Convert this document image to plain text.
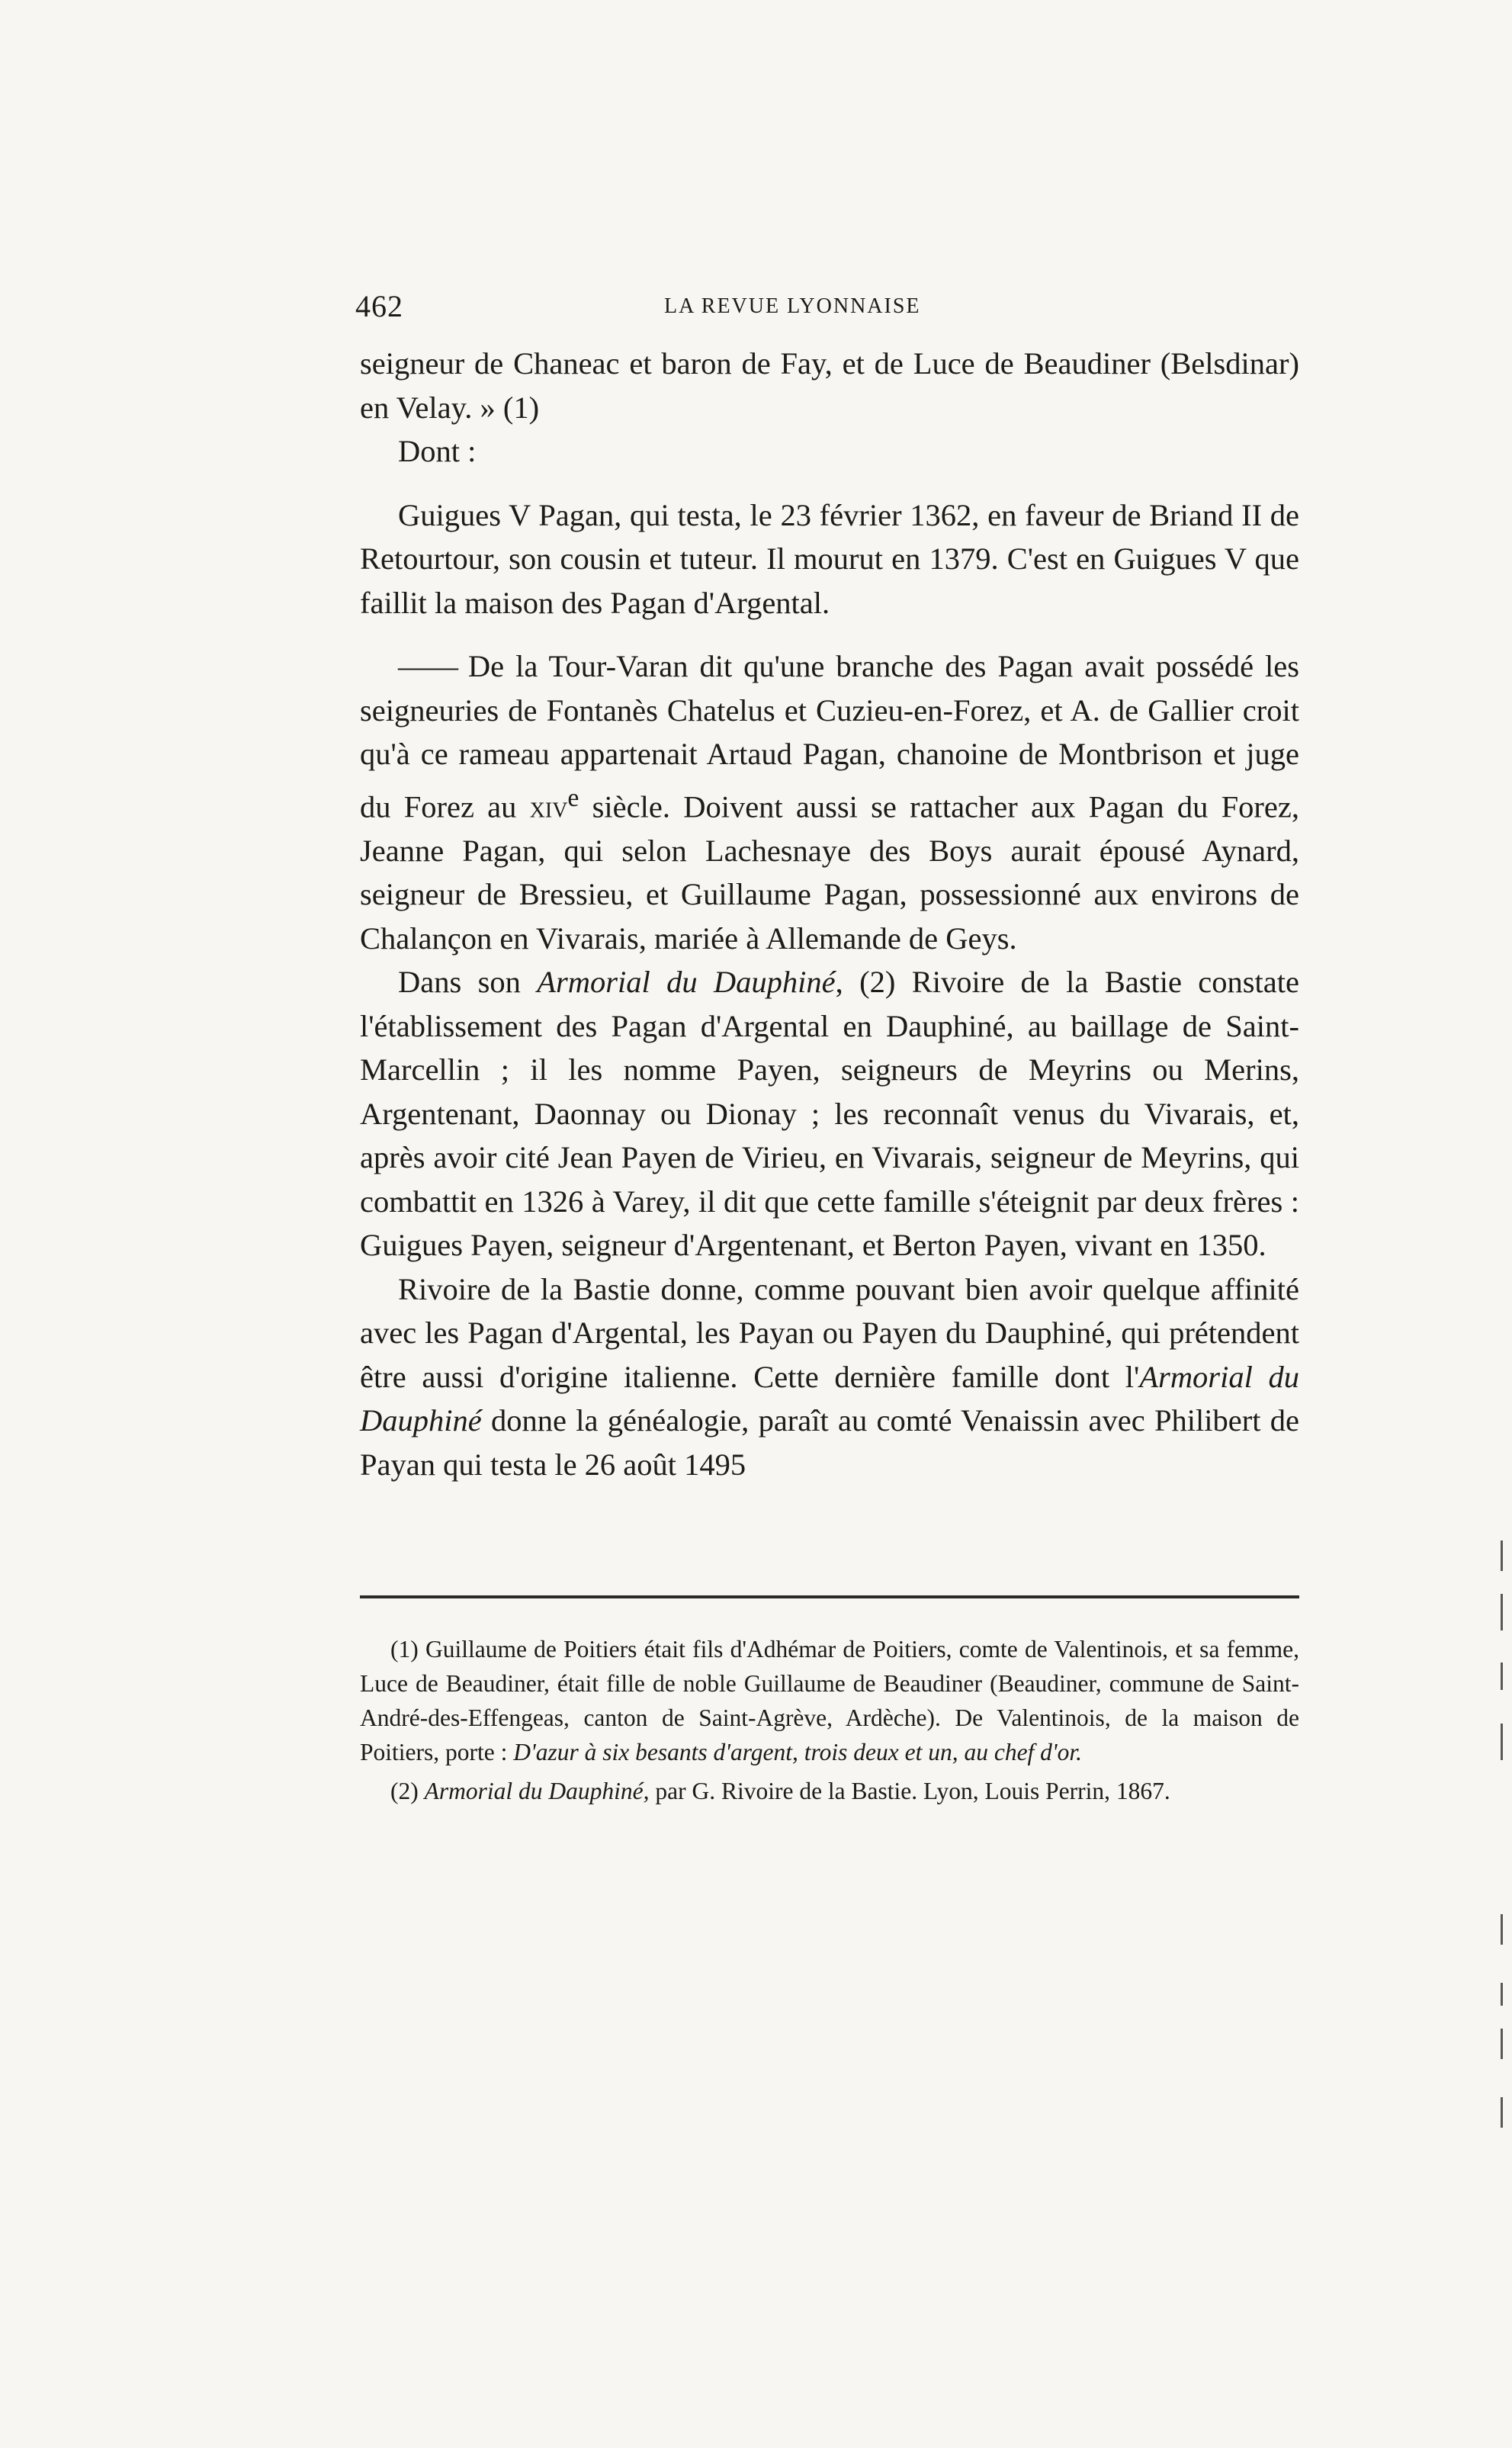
462	LA REVUE LYONNAISE

seigneur de Chaneac et baron de Fay, et de Luce de Beaudiner (Belsdinar) en Velay. » (1)

Dont :

Guigues V Pagan, qui testa, le 23 février 1362, en faveur de Briand II de Retourtour, son cousin et tuteur. Il mourut en 1379. C'est en Guigues V que faillit la maison des Pagan d'Argental.

—— De la Tour-Varan dit qu'une branche des Pagan avait possédé les seigneuries de Fontanès Chatelus et Cuzieu-en-Forez, et A. de Gallier croit qu'à ce rameau appartenait Artaud Pagan, chanoine de Montbrison et juge du Forez au xiv$^e$ siècle. Doivent aussi se rattacher aux Pagan du Forez, Jeanne Pagan, qui selon Lachesnaye des Boys aurait épousé Aynard, seigneur de Bressieu, et Guillaume Pagan, possessionné aux environs de Chalançon en Vivarais, mariée à Allemande de Geys.

Dans son Armorial du Dauphiné, (2) Rivoire de la Bastie constate l'établissement des Pagan d'Argental en Dauphiné, au baillage de Saint-Marcellin ; il les nomme Payen, seigneurs de Meyrins ou Merins, Argentenant, Daonnay ou Dionay ; les reconnaît venus du Vivarais, et, après avoir cité Jean Payen de Virieu, en Vivarais, seigneur de Meyrins, qui combattit en 1326 à Varey, il dit que cette famille s'éteignit par deux frères : Guigues Payen, seigneur d'Argentenant, et Berton Payen, vivant en 1350.

Rivoire de la Bastie donne, comme pouvant bien avoir quelque affinité avec les Pagan d'Argental, les Payan ou Payen du Dauphiné, qui prétendent être aussi d'origine italienne. Cette dernière famille dont l'Armorial du Dauphiné donne la généalogie, paraît au comté Venaissin avec Philibert de Payan qui testa le 26 août 1495

(1) Guillaume de Poitiers était fils d'Adhémar de Poitiers, comte de Valentinois, et sa femme, Luce de Beaudiner, était fille de noble Guillaume de Beaudiner (Beaudiner, commune de Saint-André-des-Effengeas, canton de Saint-Agrève, Ardèche). De Valentinois, de la maison de Poitiers, porte : D'azur à six besants d'argent, trois deux et un, au chef d'or.

(2) Armorial du Dauphiné, par G. Rivoire de la Bastie. Lyon, Louis Perrin, 1867.
